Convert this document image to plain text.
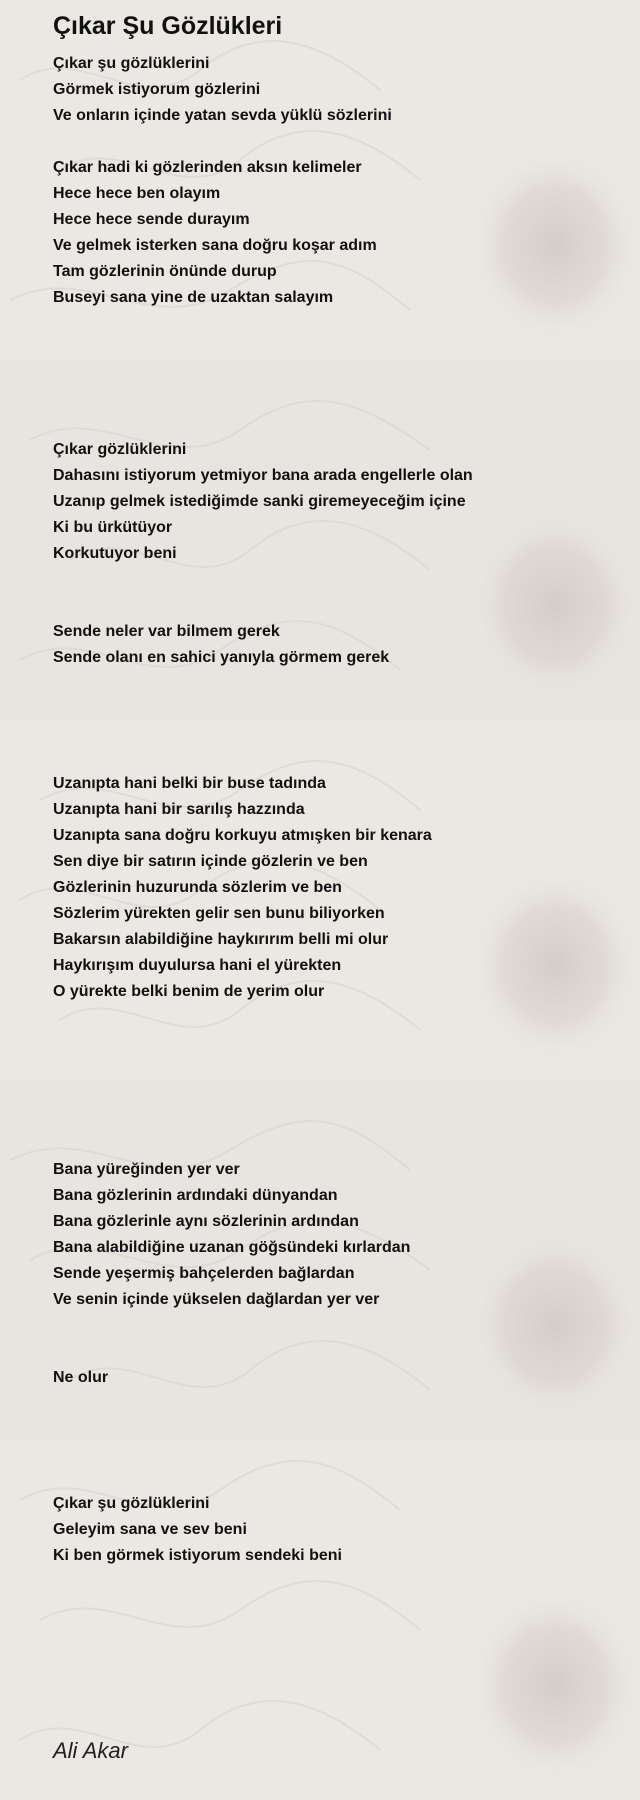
Çıkar Şu Gözlükleri
Çıkar şu gözlüklerini
Görmek istiyorum gözlerini
Ve onların içinde yatan sevda yüklü sözlerini
Çıkar hadi ki gözlerinden aksın kelimeler
Hece hece ben olayım
Hece hece sende durayım
Ve gelmek isterken sana doğru koşar adım
Tam gözlerinin önünde durup
Buseyi sana yine de uzaktan salayım
Çıkar gözlüklerini
Dahasını istiyorum yetmiyor bana arada engellerle olan
Uzanıp gelmek istediğimde sanki giremeyeceğim içine
Ki bu ürkütüyor
Korkutuyor beni
Sende neler var bilmem gerek
Sende olanı en sahici yanıyla görmem gerek
Uzanıpta hani belki bir buse tadında
Uzanıpta hani bir sarılış hazzında
Uzanıpta sana doğru korkuyu atmışken bir kenara
Sen diye bir satırın içinde gözlerin ve ben
Gözlerinin huzurunda sözlerim ve ben
Sözlerim yürekten gelir sen bunu biliyorken
Bakarsın alabildiğine haykırırım belli mi olur
Haykırışım duyulursa hani el yürekten
O yürekte belki benim de yerim olur
Bana yüreğinden yer ver
Bana gözlerinin ardındaki dünyandan
Bana gözlerinle aynı sözlerinin ardından
Bana alabildiğine uzanan göğsündeki kırlardan
Sende yeşermiş bahçelerden bağlardan
Ve senin içinde yükselen dağlardan yer ver
Ne olur
Çıkar şu gözlüklerini
Geleyim sana ve sev beni
Ki ben görmek istiyorum sendeki beni
Ali Akar
